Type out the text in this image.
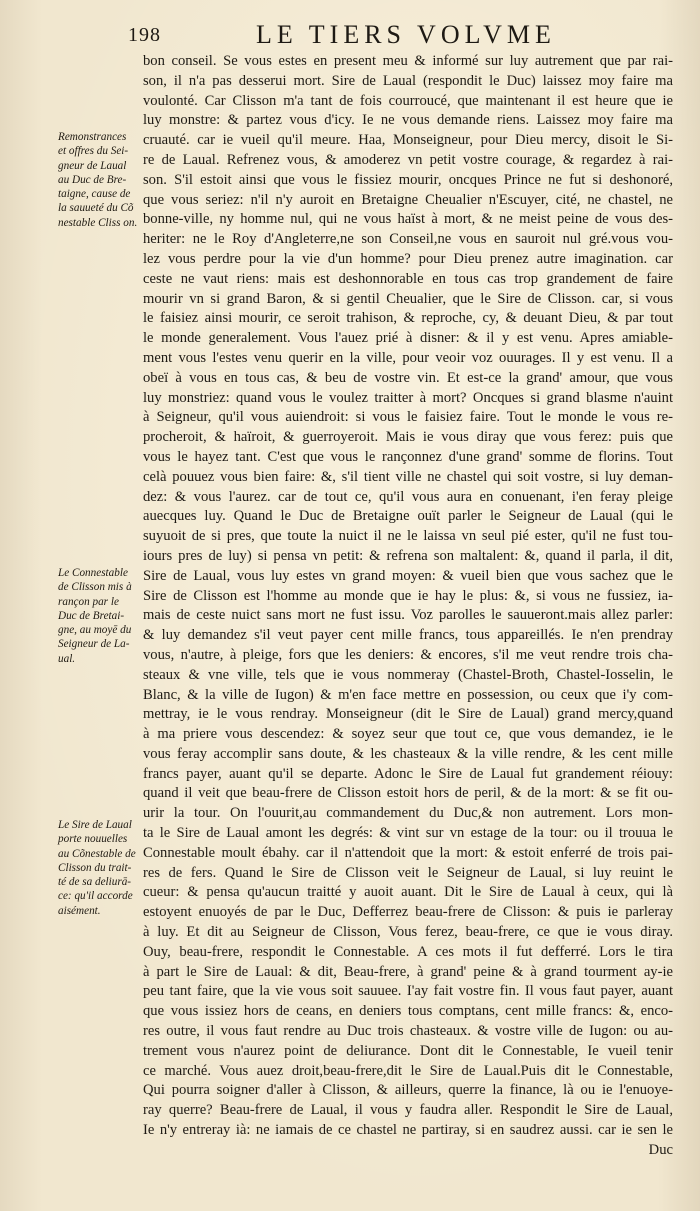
198	LE TIERS VOLVME
Remonstrances
et offres du Sei-
gneur de Laual
au Duc de Bre-
taigne, cause de
la sauueté du Cõ
nestable Cliss on.
Le Connestable
de Clisson mis à
rançon par le
Duc de Bretai-
gne, au moyē du
Seigneur de La-
ual.
Le Sire de Laual
porte nouuelles
au Cõnestable de
Clisson du trait-
té de sa deliurā-
ce: qu'il accorde
aisément.
bon conseil. Se vous estes en present meu & informé sur luy autrement que par rai-
son, il n'a pas desserui mort. Sire de Laual (respondit le Duc) laissez moy faire ma
voulonté. Car Clisson m'a tant de fois courroucé, que maintenant il est heure que ie
luy monstre: & partez vous d'icy. Ie ne vous demande riens. Laissez moy faire ma
cruauté. car ie vueil qu'il meure. Haa, Monseigneur, pour Dieu mercy, disoit le Si-
re de Laual. Refrenez vous, & amoderez vn petit vostre courage, & regardez à rai-
son. S'il estoit ainsi que vous le fissiez mourir, oncques Prince ne fut si deshonoré,
que vous seriez: n'il n'y auroit en Bretaigne Cheualier n'Escuyer, cité, ne chastel, ne
bonne-ville, ny homme nul, qui ne vous haïst à mort, & ne meist peine de vous des-
heriter: ne le Roy d'Angleterre,ne son Conseil,ne vous en sauroit nul gré.vous vou-
lez vous perdre pour la vie d'un homme? pour Dieu prenez autre imagination. car
ceste ne vaut riens: mais est deshonnorable en tous cas trop grandement de faire
mourir vn si grand Baron, & si gentil Cheualier, que le Sire de Clisson. car, si vous
le faisiez ainsi mourir, ce seroit trahison, & reproche, cy, & deuant Dieu, & par tout
le monde generalement. Vous l'auez prié à disner: & il y est venu. Apres amiable-
ment vous l'estes venu querir en la ville, pour veoir voz ouurages. Il y est venu. Il a
obeï à vous en tous cas, & beu de vostre vin. Et est-ce la grand' amour, que vous
luy monstriez: quand vous le voulez traitter à mort? Oncques si grand blasme n'auint
à Seigneur, qu'il vous auiendroit: si vous le faisiez faire. Tout le monde le vous re-
procheroit, & haïroit, & guerroyeroit. Mais ie vous diray que vous ferez: puis que
vous le hayez tant. C'est que vous le rançonnez d'une grand' somme de florins. Tout
celà pouuez vous bien faire: &, s'il tient ville ne chastel qui soit vostre, si luy deman-
dez: & vous l'aurez. car de tout ce, qu'il vous aura en conuenant, i'en feray pleige
auecques luy. Quand le Duc de Bretaigne ouït parler le Seigneur de Laual (qui le
suyuoit de si pres, que toute la nuict il ne le laissa vn seul pié ester, qu'il ne fust tou-
iours pres de luy) si pensa vn petit: & refrena son maltalent: &, quand il parla, il dit,
Sire de Laual, vous luy estes vn grand moyen: & vueil bien que vous sachez que le
Sire de Clisson est l'homme au monde que ie hay le plus: &, si vous ne fussiez, ia-
mais de ceste nuict sans mort ne fust issu. Voz parolles le sauueront.mais allez parler:
& luy demandez s'il veut payer cent mille francs, tous appareillés. Ie n'en prendray
vous, n'autre, à pleige, fors que les deniers: & encores, s'il me veut rendre trois cha-
steaux & vne ville, tels que ie vous nommeray (Chastel-Broth, Chastel-Iosselin, le
Blanc, & la ville de Iugon) & m'en face mettre en possession, ou ceux que i'y com-
mettray, ie le vous rendray. Monseigneur (dit le Sire de Laual) grand mercy,quand
à ma priere vous descendez: & soyez seur que tout ce, que vous demandez, ie le
vous feray accomplir sans doute, & les chasteaux & la ville rendre, & les cent mille
francs payer, auant qu'il se departe. Adonc le Sire de Laual fut grandement réiouy:
quand il veit que beau-frere de Clisson estoit hors de peril, & de la mort: & se fit ou-
urir la tour. On l'ouurit,au commandement du Duc,& non autrement. Lors mon-
ta le Sire de Laual amont les degrés: & vint sur vn estage de la tour: ou il trouua le
Connestable moult ébahy. car il n'attendoit que la mort: & estoit enferré de trois pai-
res de fers. Quand le Sire de Clisson veit le Seigneur de Laual, si luy reuint le
cueur: & pensa qu'aucun traitté y auoit auant. Dit le Sire de Laual à ceux, qui là
estoyent enuoyés de par le Duc, Defferrez beau-frere de Clisson: & puis ie parleray
à luy. Et dit au Seigneur de Clisson, Vous ferez, beau-frere, ce que ie vous diray.
Ouy, beau-frere, respondit le Connestable. A ces mots il fut defferré. Lors le tira
à part le Sire de Laual: & dit, Beau-frere, à grand' peine & à grand tourment ay-ie
peu tant faire, que la vie vous soit sauuee. I'ay fait vostre fin. Il vous faut payer, auant
que vous issiez hors de ceans, en deniers tous comptans, cent mille francs: &, enco-
res outre, il vous faut rendre au Duc trois chasteaux. & vostre ville de Iugon: ou au-
trement vous n'aurez point de deliurance. Dont dit le Connestable, Ie vueil tenir
ce marché. Vous auez droit,beau-frere,dit le Sire de Laual.Puis dit le Connestable,
Qui pourra soigner d'aller à Clisson, & ailleurs, querre la finance, là ou ie l'enuoye-
ray querre? Beau-frere de Laual, il vous y faudra aller. Respondit le Sire de Laual,
Ie n'y entreray ià: ne iamais de ce chastel ne partiray, si en saudrez aussi. car ie sen le
Duc
